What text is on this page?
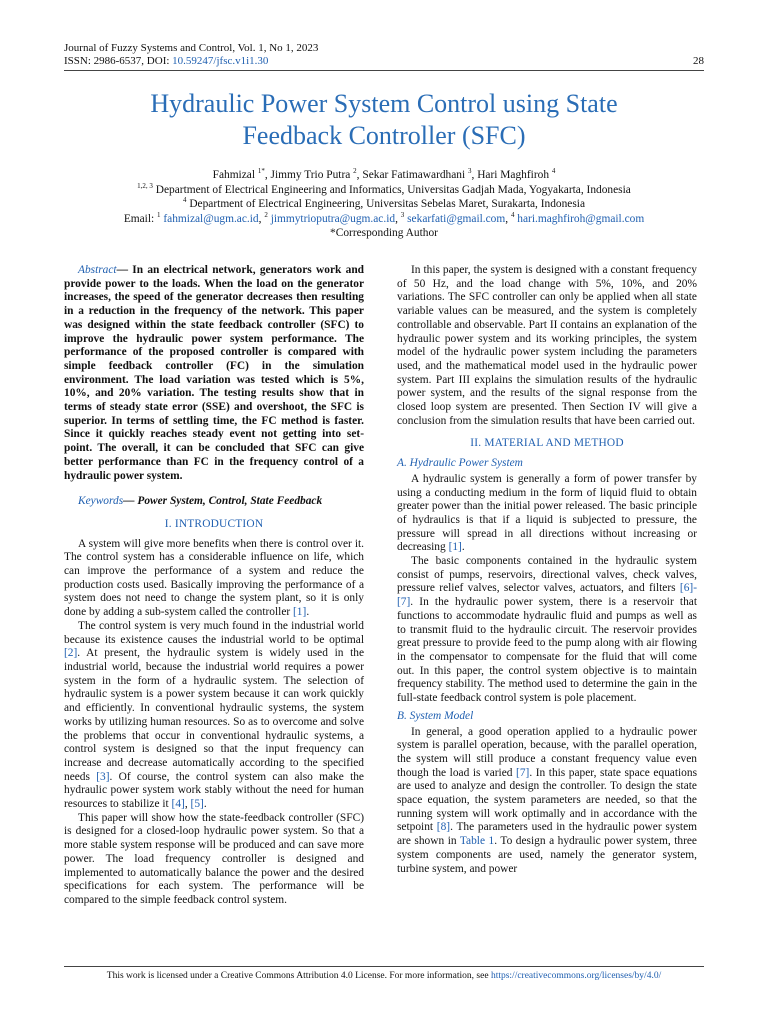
Journal of Fuzzy Systems and Control, Vol. 1, No 1, 2023
ISSN: 2986-6537, DOI: 10.59247/jfsc.v1i1.30	28
Hydraulic Power System Control using State
Feedback Controller (SFC)
Fahmizal $^{1*}$, Jimmy Trio Putra $^2$, Sekar Fatimawardhani $^3$, Hari Maghfiroh $^4$
$^{1,2, 3}$ Department of Electrical Engineering and Informatics, Universitas Gadjah Mada, Yogyakarta, Indonesia
$^4$ Department of Electrical Engineering, Universitas Sebelas Maret, Surakarta, Indonesia
Email: $^1$ fahmizal@ugm.ac.id, $^2$ jimmytrioputra@ugm.ac.id, $^3$ sekarfati@gmail.com, $^4$ hari.maghfiroh@gmail.com
*Corresponding Author

Abstract— In an electrical network, generators work and provide power to the loads. When the load on the generator increases, the speed of the generator decreases then resulting in a reduction in the frequency of the network. This paper was designed within the state feedback controller (SFC) to improve the hydraulic power system performance. The performance of the proposed controller is compared with simple feedback controller (FC) in the simulation environment. The load variation was tested which is 5%, 10%, and 20% variation. The testing results show that in terms of steady state error (SSE) and overshoot, the SFC is superior. In terms of settling time, the FC method is faster. Since it quickly reaches steady event not getting into set-point. The overall, it can be concluded that SFC can give better performance than FC in the frequency control of a hydraulic power system.

Keywords— Power System, Control, State Feedback

I. INTRODUCTION

A system will give more benefits when there is control over it. The control system has a considerable influence on life, which can improve the performance of a system and reduce the production costs used. Basically improving the performance of a system does not need to change the system plant, so it is only done by adding a sub-system called the controller [1].

The control system is very much found in the industrial world because its existence causes the industrial world to be optimal [2]. At present, the hydraulic system is widely used in the industrial world, because the industrial world requires a power system in the form of a hydraulic system. The selection of hydraulic system is a power system because it can work quickly and efficiently. In conventional hydraulic systems, the system works by utilizing human resources. So as to overcome and solve the problems that occur in conventional hydraulic systems, a control system is designed so that the input frequency can increase and decrease automatically according to the specified needs [3]. Of course, the control system can also make the hydraulic power system work stably without the need for human resources to stabilize it [4], [5].

This paper will show how the state-feedback controller (SFC) is designed for a closed-loop hydraulic power system. So that a more stable system response will be produced and can save more power. The load frequency controller is designed and implemented to automatically balance the power and the desired specifications for each system. The performance will be compared to the simple feedback control system.

In this paper, the system is designed with a constant frequency of 50 Hz, and the load change with 5%, 10%, and 20% variations. The SFC controller can only be applied when all state variable values can be measured, and the system is completely controllable and observable. Part II contains an explanation of the hydraulic power system and its working principles, the system model of the hydraulic power system including the parameters used, and the mathematical model used in the hydraulic power system. Part III explains the simulation results of the hydraulic power system, and the results of the signal response from the closed loop system are presented. Then Section IV will give a conclusion from the simulation results that have been carried out.

II. MATERIAL AND METHOD

A. Hydraulic Power System

A hydraulic system is generally a form of power transfer by using a conducting medium in the form of liquid fluid to obtain greater power than the initial power released. The basic principle of hydraulics is that if a liquid is subjected to pressure, the pressure will spread in all directions without increasing or decreasing [1].

The basic components contained in the hydraulic system consist of pumps, reservoirs, directional valves, check valves, pressure relief valves, selector valves, actuators, and filters [6]-[7]. In the hydraulic power system, there is a reservoir that functions to accommodate hydraulic fluid and pumps as well as to transmit fluid to the hydraulic circuit. The reservoir provides great pressure to provide feed to the pump along with air flowing in the compensator to compensate for the fluid that will come out. In this paper, the control system objective is to maintain frequency stability. The method used to determine the gain in the full-state feedback control system is pole placement.

B. System Model

In general, a good operation applied to a hydraulic power system is parallel operation, because, with the parallel operation, the system will still produce a constant frequency value even though the load is varied [7]. In this paper, state space equations are used to analyze and design the controller. To design the state space equation, the system parameters are needed, so that the running system will work optimally and in accordance with the setpoint [8]. The parameters used in the hydraulic power system are shown in Table 1. To design a hydraulic power system, three system components are used, namely the generator system, turbine system, and power

This work is licensed under a Creative Commons Attribution 4.0 License. For more information, see https://creativecommons.org/licenses/by/4.0/
